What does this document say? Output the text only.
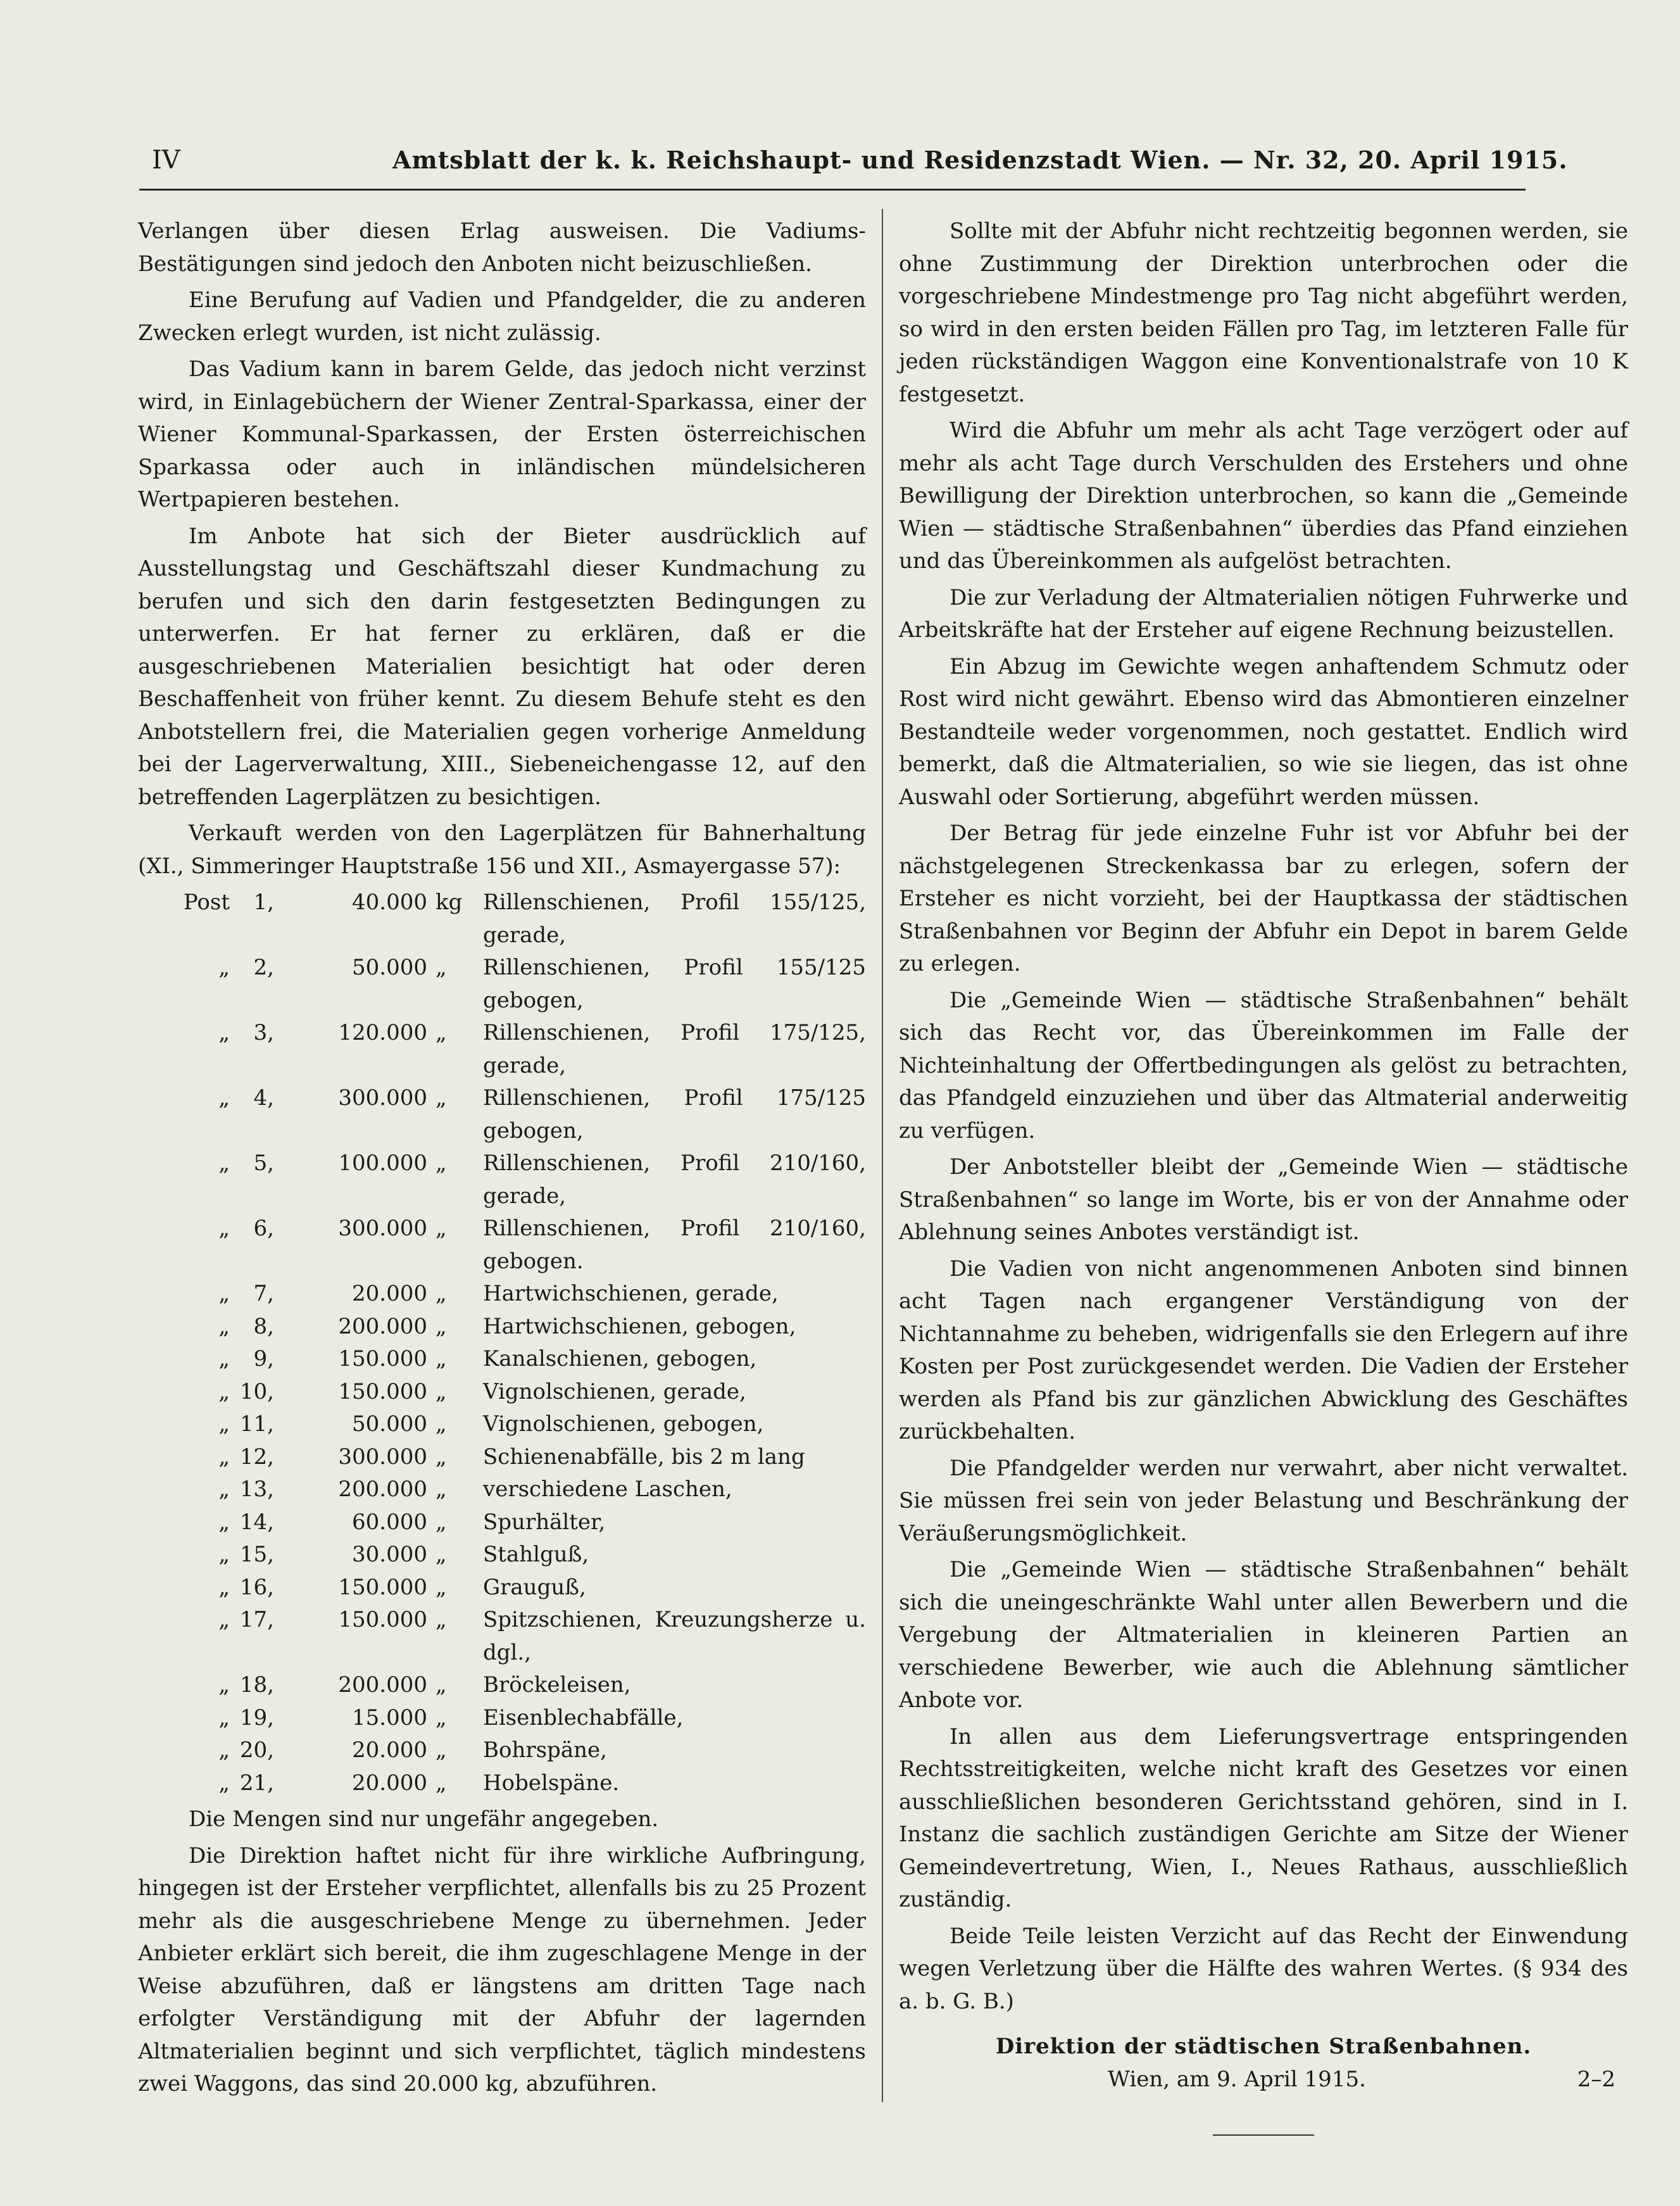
IV	Amtsblatt der k. k. Reichshaupt- und Residenzstadt Wien. — Nr. 32, 20. April 1915.

Verlangen über diesen Erlag ausweisen. Die Vadiums-Bestätigungen sind jedoch den Anboten nicht beizuschließen.

Eine Berufung auf Vadien und Pfandgelder, die zu anderen Zwecken erlegt wurden, ist nicht zulässig.

Das Vadium kann in barem Gelde, das jedoch nicht verzinst wird, in Einlagebüchern der Wiener Zentral-Sparkassa, einer der Wiener Kommunal-Sparkassen, der Ersten österreichischen Sparkassa oder auch in inländischen mündelsicheren Wertpapieren bestehen.

Im Anbote hat sich der Bieter ausdrücklich auf Ausstellungstag und Geschäftszahl dieser Kundmachung zu berufen und sich den darin festgesetzten Bedingungen zu unterwerfen. Er hat ferner zu erklären, daß er die ausgeschriebenen Materialien besichtigt hat oder deren Beschaffenheit von früher kennt. Zu diesem Behufe steht es den Anbotstellern frei, die Materialien gegen vorherige Anmeldung bei der Lagerverwaltung, XIII., Siebeneichengasse 12, auf den betreffenden Lagerplätzen zu besichtigen.

Verkauft werden von den Lagerplätzen für Bahnerhaltung (XI., Simmeringer Hauptstraße 156 und XII., Asmayergasse 57):

Post	1,	40.000 kg Rillenschienen, Profil 155/125, gerade,
„	2,	50.000 „	Rillenschienen, Profil 155/125 gebogen,
„	3,	120.000 „	Rillenschienen, Profil 175/125, gerade,
„	4,	300.000 „	Rillenschienen, Profil 175/125 gebogen,
„	5,	100.000 „	Rillenschienen, Profil 210/160, gerade,
„	6,	300.000 „	Rillenschienen, Profil 210/160, gebogen.
„	7,	20.000 „	Hartwichschienen, gerade,
„	8,	200.000 „	Hartwichschienen, gebogen,
„	9,	150.000 „	Kanalschienen, gebogen,
„ 10,	150.000 „	Vignolschienen, gerade,
„ 11,	50.000 „	Vignolschienen, gebogen,
„ 12,	300.000 „	Schienenabfälle, bis 2 m lang
„ 13,	200.000 „	verschiedene Laschen,
„ 14,	60.000 „	Spurhälter,
„ 15,	30.000 „	Stahlguß,
„ 16,	150.000 „	Grauguß,
„ 17,	150.000 „	Spitzschienen, Kreuzungsherze u. dgl.,
„ 18,	200.000 „	Bröckeleisen,
„ 19,	15.000 „	Eisenblechabfälle,
„ 20,	20.000 „	Bohrspäne,
„ 21,	20.000 „	Hobelspäne.

Die Mengen sind nur ungefähr angegeben.

Die Direktion haftet nicht für ihre wirkliche Aufbringung, hingegen ist der Ersteher verpflichtet, allenfalls bis zu 25 Prozent mehr als die ausgeschriebene Menge zu übernehmen. Jeder Anbieter erklärt sich bereit, die ihm zugeschlagene Menge in der Weise abzuführen, daß er längstens am dritten Tage nach erfolgter Verständigung mit der Abfuhr der lagernden Altmaterialien beginnt und sich verpflichtet, täglich mindestens zwei Waggons, das sind 20.000 kg, abzuführen.

Sollte mit der Abfuhr nicht rechtzeitig begonnen werden, sie ohne Zustimmung der Direktion unterbrochen oder die vorgeschriebene Mindestmenge pro Tag nicht abgeführt werden, so wird in den ersten beiden Fällen pro Tag, im letzteren Falle für jeden rückständigen Waggon eine Konventionalstrafe von 10 K festgesetzt.

Wird die Abfuhr um mehr als acht Tage verzögert oder auf mehr als acht Tage durch Verschulden des Erstehers und ohne Bewilligung der Direktion unterbrochen, so kann die „Gemeinde Wien — städtische Straßenbahnen“ überdies das Pfand einziehen und das Übereinkommen als aufgelöst betrachten.

Die zur Verladung der Altmaterialien nötigen Fuhrwerke und Arbeitskräfte hat der Ersteher auf eigene Rechnung beizustellen.

Ein Abzug im Gewichte wegen anhaftendem Schmutz oder Rost wird nicht gewährt. Ebenso wird das Abmontieren einzelner Bestandteile weder vorgenommen, noch gestattet. Endlich wird bemerkt, daß die Altmaterialien, so wie sie liegen, das ist ohne Auswahl oder Sortierung, abgeführt werden müssen.

Der Betrag für jede einzelne Fuhr ist vor Abfuhr bei der nächstgelegenen Streckenkassa bar zu erlegen, sofern der Ersteher es nicht vorzieht, bei der Hauptkassa der städtischen Straßenbahnen vor Beginn der Abfuhr ein Depot in barem Gelde zu erlegen.

Die „Gemeinde Wien — städtische Straßenbahnen“ behält sich das Recht vor, das Übereinkommen im Falle der Nichteinhaltung der Offertbedingungen als gelöst zu betrachten, das Pfandgeld einzuziehen und über das Altmaterial anderweitig zu verfügen.

Der Anbotsteller bleibt der „Gemeinde Wien — städtische Straßenbahnen“ so lange im Worte, bis er von der Annahme oder Ablehnung seines Anbotes verständigt ist.

Die Vadien von nicht angenommenen Anboten sind binnen acht Tagen nach ergangener Verständigung von der Nichtannahme zu beheben, widrigenfalls sie den Erlegern auf ihre Kosten per Post zurückgesendet werden. Die Vadien der Ersteher werden als Pfand bis zur gänzlichen Abwicklung des Geschäftes zurückbehalten.

Die Pfandgelder werden nur verwahrt, aber nicht verwaltet. Sie müssen frei sein von jeder Belastung und Beschränkung der Veräußerungsmöglichkeit.

Die „Gemeinde Wien — städtische Straßenbahnen“ behält sich die uneingeschränkte Wahl unter allen Bewerbern und die Vergebung der Altmaterialien in kleineren Partien an verschiedene Bewerber, wie auch die Ablehnung sämtlicher Anbote vor.

In allen aus dem Lieferungsvertrage entspringenden Rechtsstreitigkeiten, welche nicht kraft des Gesetzes vor einen ausschließlichen besonderen Gerichtsstand gehören, sind in I. Instanz die sachlich zuständigen Gerichte am Sitze der Wiener Gemeindevertretung, Wien, I., Neues Rathaus, ausschließlich zuständig.

Beide Teile leisten Verzicht auf das Recht der Einwendung wegen Verletzung über die Hälfte des wahren Wertes. (§ 934 des a. b. G. B.)

Direktion der städtischen Straßenbahnen.
Wien, am 9. April 1915.	2–2
